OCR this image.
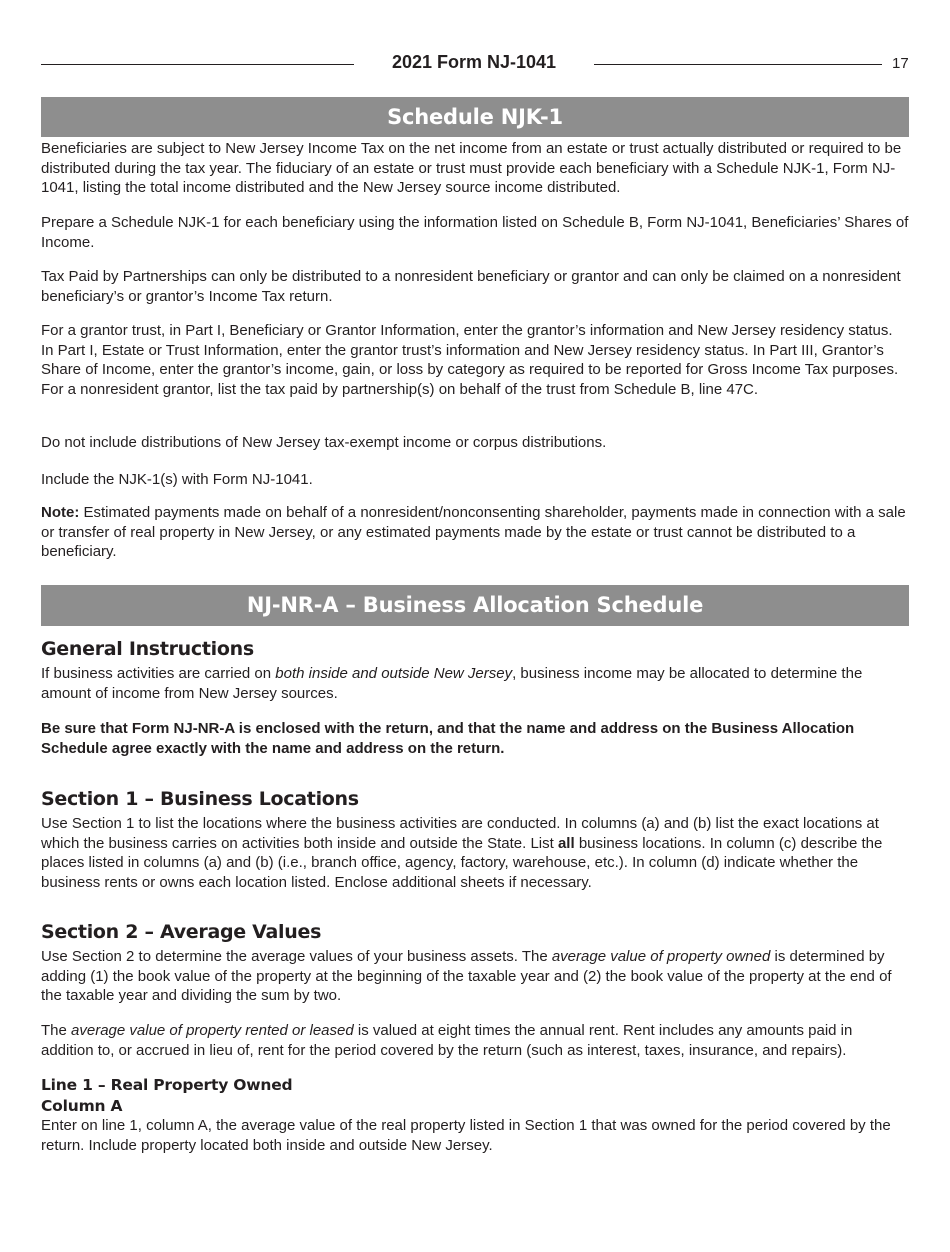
2021 Form NJ-1041	17
Schedule NJK-1

Beneficiaries are subject to New Jersey Income Tax on the net income from an estate or trust actually distributed or required to be distributed during the tax year. The fiduciary of an estate or trust must provide each beneficiary with a Schedule NJK-1, Form NJ-1041, listing the total income distributed and the New Jersey source income distributed.

Prepare a Schedule NJK-1 for each beneficiary using the information listed on Schedule B, Form NJ-1041, Beneficiaries’ Shares of Income.

Tax Paid by Partnerships can only be distributed to a nonresident beneficiary or grantor and can only be claimed on a nonresident beneficiary’s or grantor’s Income Tax return.

For a grantor trust, in Part I, Beneficiary or Grantor Information, enter the grantor’s information and New Jersey residency status. In Part I, Estate or Trust Information, enter the grantor trust’s information and New Jersey residency status. In Part III, Grantor’s Share of Income, enter the grantor’s income, gain, or loss by category as required to be reported for Gross Income Tax purposes. For a nonresident grantor, list the tax paid by partnership(s) on behalf of the trust from Schedule B, line 47C.

Do not include distributions of New Jersey tax-exempt income or corpus distributions.

Include the NJK-1(s) with Form NJ-1041.

Note: Estimated payments made on behalf of a nonresident/nonconsenting shareholder, payments made in connection with a sale or transfer of real property in New Jersey, or any estimated payments made by the estate or trust cannot be distributed to a beneficiary.

NJ-NR-A – Business Allocation Schedule
General Instructions

If business activities are carried on both inside and outside New Jersey, business income may be allocated to determine the amount of income from New Jersey sources.

Be sure that Form NJ-NR-A is enclosed with the return, and that the name and address on the Business Allocation Schedule agree exactly with the name and address on the return.

Section 1 – Business Locations

Use Section 1 to list the locations where the business activities are conducted. In columns (a) and (b) list the exact locations at which the business carries on activities both inside and outside the State. List all business locations. In column (c) describe the places listed in columns (a) and (b) (i.e., branch office, agency, factory, warehouse, etc.). In column (d) indicate whether the business rents or owns each location listed. Enclose additional sheets if necessary.

Section 2 – Average Values

Use Section 2 to determine the average values of your business assets. The average value of property owned is determined by adding (1) the book value of the property at the beginning of the taxable year and (2) the book value of the property at the end of the taxable year and dividing the sum by two.

The average value of property rented or leased is valued at eight times the annual rent. Rent includes any amounts paid in addition to, or accrued in lieu of, rent for the period covered by the return (such as interest, taxes, insurance, and repairs).

Line 1 – Real Property Owned
Column A

Enter on line 1, column A, the average value of the real property listed in Section 1 that was owned for the period covered by the return. Include property located both inside and outside New Jersey.
